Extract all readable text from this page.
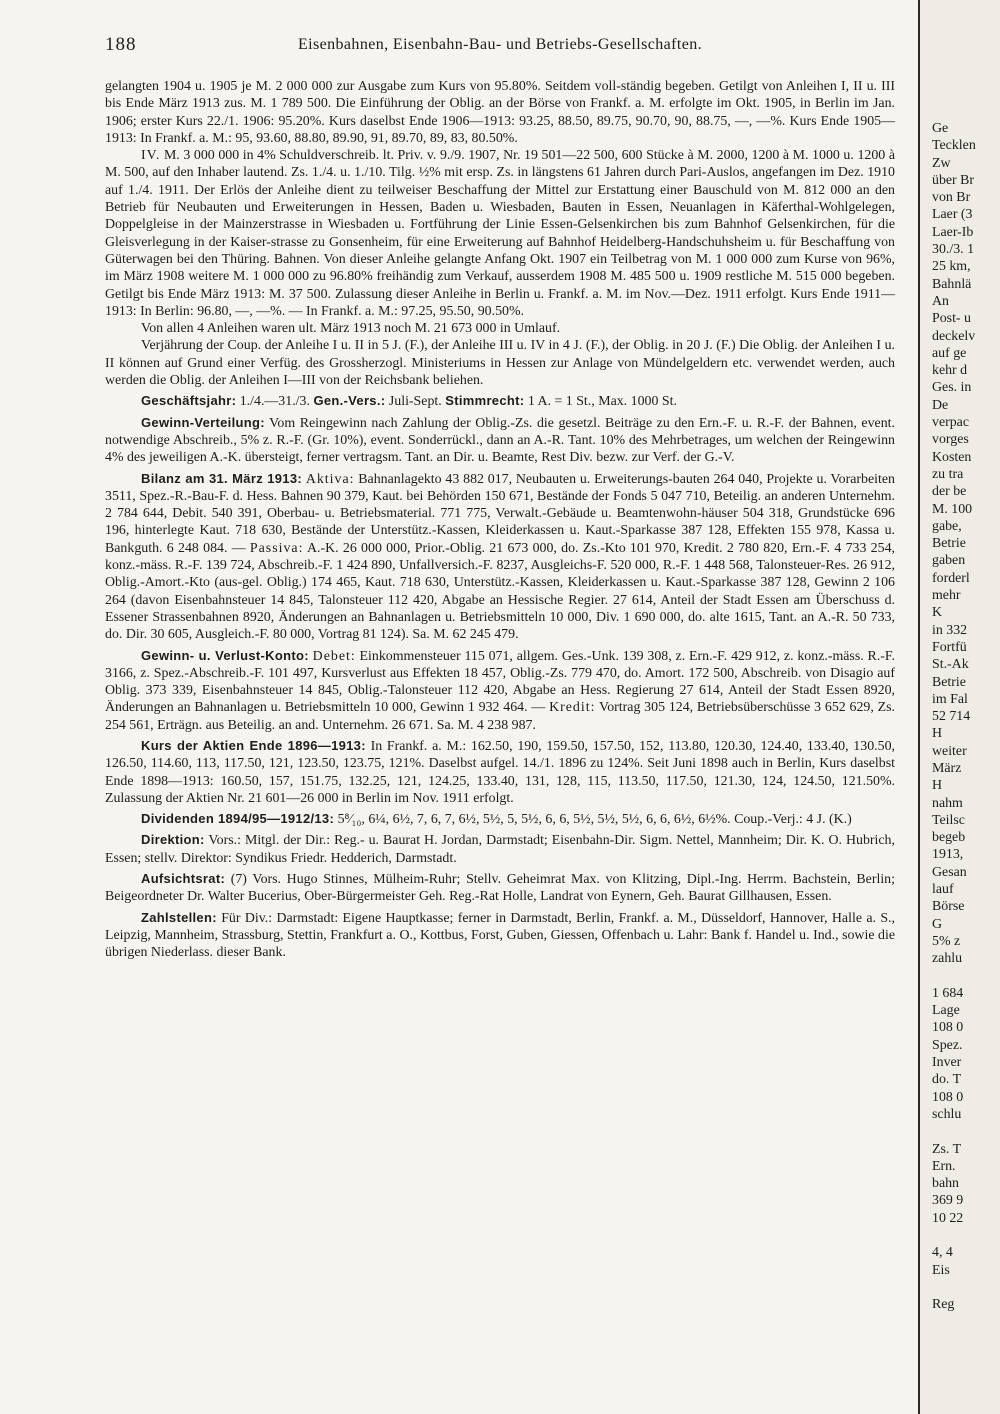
188	Eisenbahnen, Eisenbahn-Bau- und Betriebs-Gesellschaften.

gelangten 1904 u. 1905 je M. 2 000 000 zur Ausgabe zum Kurs von 95.80%. Seitdem voll-ständig begeben. Getilgt von Anleihen I, II u. III bis Ende März 1913 zus. M. 1 789 500. Die Einführung der Oblig. an der Börse von Frankf. a. M. erfolgte im Okt. 1905, in Berlin im Jan. 1906; erster Kurs 22./1. 1906: 95.20%. Kurs daselbst Ende 1906—1913: 93.25, 88.50, 89.75, 90.70, 90, 88.75, —, —%. Kurs Ende 1905—1913: In Frankf. a. M.: 95, 93.60, 88.80, 89.90, 91, 89.70, 89, 83, 80.50%.

IV. M. 3 000 000 in 4% Schuldverschreib. lt. Priv. v. 9./9. 1907, Nr. 19 501—22 500, 600 Stücke à M. 2000, 1200 à M. 1000 u. 1200 à M. 500, auf den Inhaber lautend. Zs. 1./4. u. 1./10. Tilg. ½% mit ersp. Zs. in längstens 61 Jahren durch Pari-Auslos, angefangen im Dez. 1910 auf 1./4. 1911. Der Erlös der Anleihe dient zu teilweiser Beschaffung der Mittel zur Erstattung einer Bauschuld von M. 812 000 an den Betrieb für Neubauten und Erweiterungen in Hessen, Baden u. Wiesbaden, Bauten in Essen, Neuanlagen in Käferthal-Wohlgelegen, Doppelgleise in der Mainzerstrasse in Wiesbaden u. Fortführung der Linie Essen-Gelsenkirchen bis zum Bahnhof Gelsenkirchen, für die Gleisverlegung in der Kaiser-strasse zu Gonsenheim, für eine Erweiterung auf Bahnhof Heidelberg-Handschuhsheim u. für Beschaffung von Güterwagen bei den Thüring. Bahnen. Von dieser Anleihe gelangte Anfang Okt. 1907 ein Teilbetrag von M. 1 000 000 zum Kurse von 96%, im März 1908 weitere M. 1 000 000 zu 96.80% freihändig zum Verkauf, ausserdem 1908 M. 485 500 u. 1909 restliche M. 515 000 begeben. Getilgt bis Ende März 1913: M. 37 500. Zulassung dieser Anleihe in Berlin u. Frankf. a. M. im Nov.—Dez. 1911 erfolgt. Kurs Ende 1911—1913: In Berlin: 96.80, —, —%. — In Frankf. a. M.: 97.25, 95.50, 90.50%.

Von allen 4 Anleihen waren ult. März 1913 noch M. 21 673 000 in Umlauf.

Verjährung der Coup. der Anleihe I u. II in 5 J. (F.), der Anleihe III u. IV in 4 J. (F.), der Oblig. in 20 J. (F.) Die Oblig. der Anleihen I u. II können auf Grund einer Verfüg. des Grossherzogl. Ministeriums in Hessen zur Anlage von Mündelgeldern etc. verwendet werden, auch werden die Oblig. der Anleihen I—III von der Reichsbank beliehen.

Geschäftsjahr: 1./4.—31./3. Gen.-Vers.: Juli-Sept. Stimmrecht: 1 A. = 1 St., Max. 1000 St.

Gewinn-Verteilung: Vom Reingewinn nach Zahlung der Oblig.-Zs. die gesetzl. Beiträge zu den Ern.-F. u. R.-F. der Bahnen, event. notwendige Abschreib., 5% z. R.-F. (Gr. 10%), event. Sonderrückl., dann an A.-R. Tant. 10% des Mehrbetrages, um welchen der Reingewinn 4% des jeweiligen A.-K. übersteigt, ferner vertragsm. Tant. an Dir. u. Beamte, Rest Div. bezw. zur Verf. der G.-V.

Bilanz am 31. März 1913: Aktiva: Bahnanlagekto 43 882 017, Neubauten u. Erweiterungs-bauten 264 040, Projekte u. Vorarbeiten 3511, Spez.-R.-Bau-F. d. Hess. Bahnen 90 379, Kaut. bei Behörden 150 671, Bestände der Fonds 5 047 710, Beteilig. an anderen Unternehm. 2 784 644, Debit. 540 391, Oberbau- u. Betriebsmaterial. 771 775, Verwalt.-Gebäude u. Beamtenwohn-häuser 504 318, Grundstücke 696 196, hinterlegte Kaut. 718 630, Bestände der Unterstütz.-Kassen, Kleiderkassen u. Kaut.-Sparkasse 387 128, Effekten 155 978, Kassa u. Bankguth. 6 248 084. — Passiva: A.-K. 26 000 000, Prior.-Oblig. 21 673 000, do. Zs.-Kto 101 970, Kredit. 2 780 820, Ern.-F. 4 733 254, konz.-mäss. R.-F. 139 724, Abschreib.-F. 1 424 890, Unfallversich.-F. 8237, Ausgleichs-F. 520 000, R.-F. 1 448 568, Talonsteuer-Res. 26 912, Oblig.-Amort.-Kto (aus-gel. Oblig.) 174 465, Kaut. 718 630, Unterstütz.-Kassen, Kleiderkassen u. Kaut.-Sparkasse 387 128, Gewinn 2 106 264 (davon Eisenbahnsteuer 14 845, Talonsteuer 112 420, Abgabe an Hessische Regier. 27 614, Anteil der Stadt Essen am Überschuss d. Essener Strassenbahnen 8920, Änderungen an Bahnanlagen u. Betriebsmitteln 10 000, Div. 1 690 000, do. alte 1615, Tant. an A.-R. 50 733, do. Dir. 30 605, Ausgleich.-F. 80 000, Vortrag 81 124). Sa. M. 62 245 479.

Gewinn- u. Verlust-Konto: Debet: Einkommensteuer 115 071, allgem. Ges.-Unk. 139 308, z. Ern.-F. 429 912, z. konz.-mäss. R.-F. 3166, z. Spez.-Abschreib.-F. 101 497, Kursverlust aus Effekten 18 457, Oblig.-Zs. 779 470, do. Amort. 172 500, Abschreib. von Disagio auf Oblig. 373 339, Eisenbahnsteuer 14 845, Oblig.-Talonsteuer 112 420, Abgabe an Hess. Regierung 27 614, Anteil der Stadt Essen 8920, Änderungen an Bahnanlagen u. Betriebsmitteln 10 000, Gewinn 1 932 464. — Kredit: Vortrag 305 124, Betriebsüberschüsse 3 652 629, Zs. 254 561, Erträgn. aus Beteilig. an and. Unternehm. 26 671. Sa. M. 4 238 987.

Kurs der Aktien Ende 1896—1913: In Frankf. a. M.: 162.50, 190, 159.50, 157.50, 152, 113.80, 120.30, 124.40, 133.40, 130.50, 126.50, 114.60, 113, 117.50, 121, 123.50, 123.75, 121%. Daselbst aufgel. 14./1. 1896 zu 124%. Seit Juni 1898 auch in Berlin, Kurs daselbst Ende 1898—1913: 160.50, 157, 151.75, 132.25, 121, 124.25, 133.40, 131, 128, 115, 113.50, 117.50, 121.30, 124, 124.50, 121.50%. Zulassung der Aktien Nr. 21 601—26 000 in Berlin im Nov. 1911 erfolgt.

Dividenden 1894/95—1912/13: 5⁸⁄₁₀, 6¼, 6½, 7, 6, 7, 6½, 5½, 5, 5½, 6, 6, 5½, 5½, 5½, 6, 6, 6½, 6½%. Coup.-Verj.: 4 J. (K.)

Direktion: Vors.: Mitgl. der Dir.: Reg.- u. Baurat H. Jordan, Darmstadt; Eisenbahn-Dir. Sigm. Nettel, Mannheim; Dir. K. O. Hubrich, Essen; stellv. Direktor: Syndikus Friedr. Hedderich, Darmstadt.

Aufsichtsrat: (7) Vors. Hugo Stinnes, Mülheim-Ruhr; Stellv. Geheimrat Max. von Klitzing, Dipl.-Ing. Herrm. Bachstein, Berlin; Beigeordneter Dr. Walter Bucerius, Ober-Bürgermeister Geh. Reg.-Rat Holle, Landrat von Eynern, Geh. Baurat Gillhausen, Essen.

Zahlstellen: Für Div.: Darmstadt: Eigene Hauptkasse; ferner in Darmstadt, Berlin, Frankf. a. M., Düsseldorf, Hannover, Halle a. S., Leipzig, Mannheim, Strassburg, Stettin, Frankfurt a. O., Kottbus, Forst, Guben, Giessen, Offenbach u. Lahr: Bank f. Handel u. Ind., sowie die übrigen Niederlass. dieser Bank.

Ge
Tecklen
Zw
über Br
von Br
Laer (3
Laer-Ib
30./3. 1
25 km,
Bahnlä
An
Post- u
deckelv
auf ge
kehr d
Ges. in
De
verpac
vorges
Kosten
zu tra
der be
M. 100
gabe,
Betrie
gaben
forderl
mehr
K
in 332
Fortfü
St.-Ak
Betrie
im Fal
52 714
H
weiter
März
H
nahm
Teilsc
begeb
1913,
Gesan
lauf
Börse
G
5% z
zahlu
1 684
Lage
108 0
Spez.
Inver
do. T
108 0
schlu
Zs. T
Ern.
bahn
369 9
10 22
4, 4
Eis
Reg
